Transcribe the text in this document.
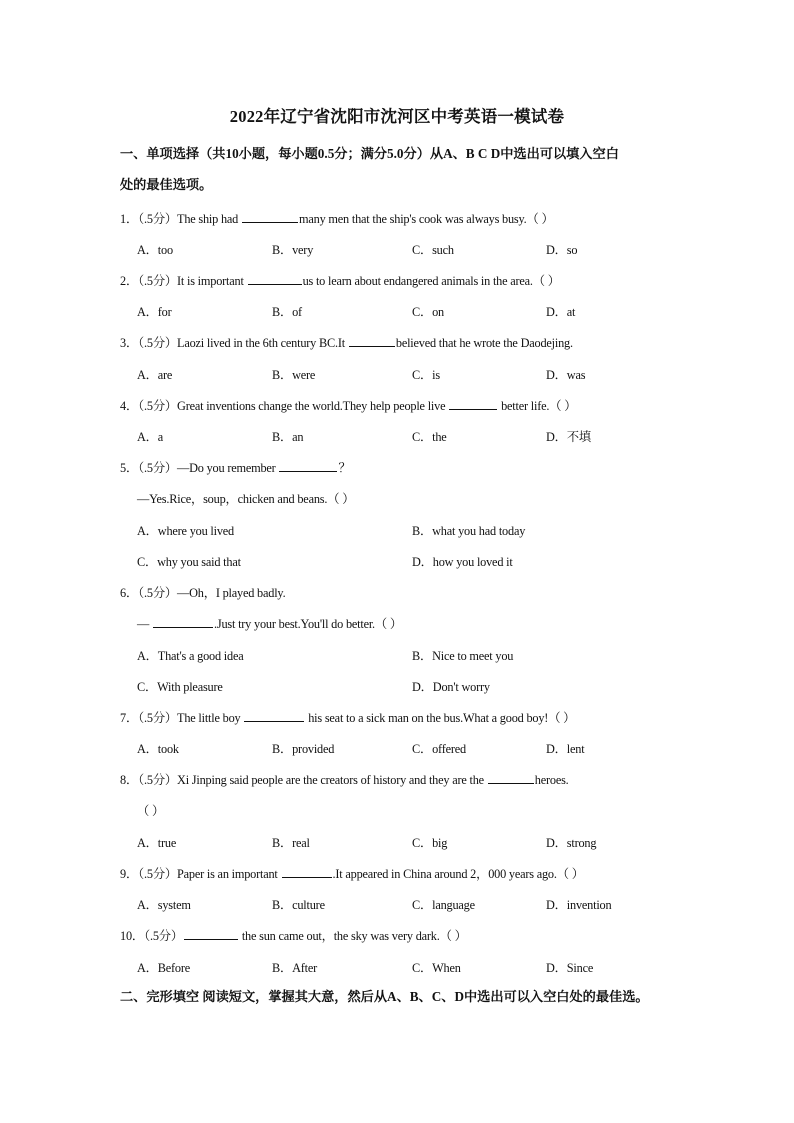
2022年辽宁省沈阳市沈河区中考英语一模试卷
一、单项选择（共10小题，每小题0.5分；满分5.0分）从A、B C D中选出可以填入空白
处的最佳选项。
1．（.5分）The ship had	many men that the ship's cook was always busy.（ ）
A．too	B．very	C．such	D．so
2．（.5分）It is important	us to learn about endangered animals in the area.（ ）
A．for	B．of	C．on	D．at
3．（.5分）Laozi lived in the 6th century BC.It	believed that he wrote the Daodejing.
A．are	B．were	C．is	D．was
4．（.5分）Great inventions change the world.They help people live	better life.（ ）
A．a	B．an	C．the	D．不填
5．（.5分）—Do you remember	？
—Yes.Rice，soup，chicken and beans.（ ）
A．where you lived	B．what you had today
C．why you said that	D．how you loved it
6．（.5分）—Oh，I played badly.
—	.Just try your best.You'll do better.（ ）
A．That's a good idea	B．Nice to meet you
C．With pleasure	D．Don't worry
7．（.5分）The little boy	his seat to a sick man on the bus.What a good boy!（ ）
A．took	B．provided	C．offered	D．lent
8．（.5分）Xi Jinping said people are the creators of history and they are the	heroes.
（ ）
A．true	B．real	C．big	D．strong
9．（.5分）Paper is an important	.It appeared in China around 2，000 years ago.（ ）
A．system	B．culture	C．language	D．invention
10．（.5分）	the sun came out，the sky was very dark.（ ）
A．Before	B．After	C．When	D．Since
二、完形填空 阅读短文，掌握其大意，然后从A、B、C、D中选出可以入空白处的最佳选。
